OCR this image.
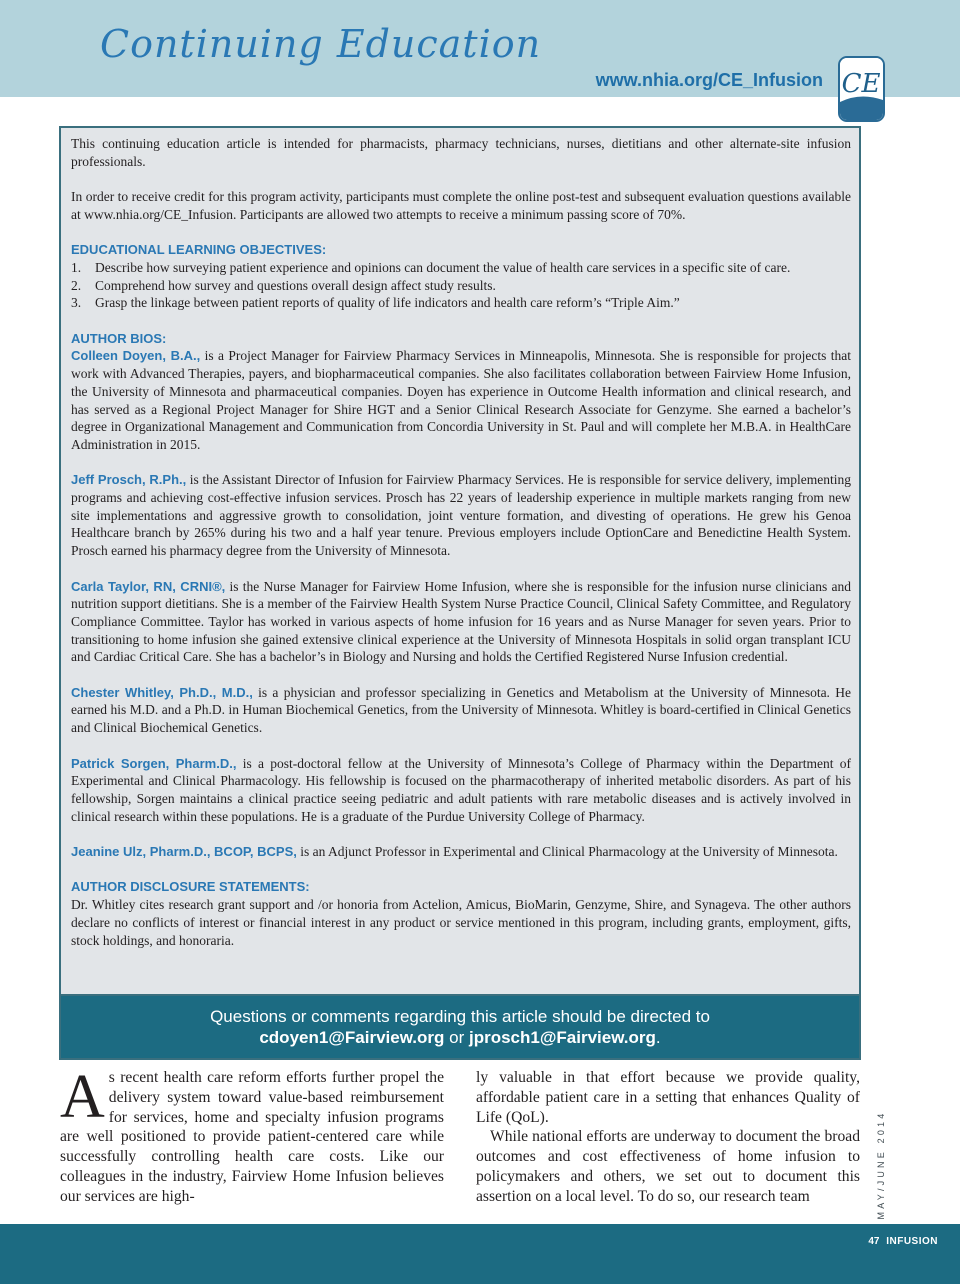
Continuing Education
www.nhia.org/CE_Infusion CE

This continuing education article is intended for pharmacists, pharmacy technicians, nurses, dietitians and other alternate-site infusion professionals.

In order to receive credit for this program activity, participants must complete the online post-test and subsequent evaluation questions available at www.nhia.org/CE_Infusion. Participants are allowed two attempts to receive a minimum passing score of 70%.

EDUCATIONAL LEARNING OBJECTIVES:
1. Describe how surveying patient experience and opinions can document the value of health care services in a specific site of care.
2. Comprehend how survey and questions overall design affect study results.
3. Grasp the linkage between patient reports of quality of life indicators and health care reform’s “Triple Aim.”
AUTHOR BIOS:

Colleen Doyen, B.A., is a Project Manager for Fairview Pharmacy Services in Minneapolis, Minnesota. She is responsible for projects that work with Advanced Therapies, payers, and biopharmaceutical companies. She also facilitates collaboration between Fairview Home Infusion, the University of Minnesota and pharmaceutical companies. Doyen has experience in Outcome Health information and clinical research, and has served as a Regional Project Manager for Shire HGT and a Senior Clinical Research Associate for Genzyme. She earned a bachelor’s degree in Organizational Management and Communication from Concordia University in St. Paul and will complete her M.B.A. in HealthCare Administration in 2015.

Jeff Prosch, R.Ph., is the Assistant Director of Infusion for Fairview Pharmacy Services. He is responsible for service delivery, implementing programs and achieving cost-effective infusion services. Prosch has 22 years of leadership experience in multiple markets ranging from new site implementations and aggressive growth to consolidation, joint venture formation, and divesting of operations. He grew his Genoa Healthcare branch by 265% during his two and a half year tenure. Previous employers include OptionCare and Benedictine Health System. Prosch earned his pharmacy degree from the University of Minnesota.

Carla Taylor, RN, CRNI®, is the Nurse Manager for Fairview Home Infusion, where she is responsible for the infusion nurse clinicians and nutrition support dietitians. She is a member of the Fairview Health System Nurse Practice Council, Clinical Safety Committee, and Regulatory Compliance Committee. Taylor has worked in various aspects of home infusion for 16 years and as Nurse Manager for seven years. Prior to transitioning to home infusion she gained extensive clinical experience at the University of Minnesota Hospitals in solid organ transplant ICU and Cardiac Critical Care. She has a bachelor’s in Biology and Nursing and holds the Certified Registered Nurse Infusion credential.

Chester Whitley, Ph.D., M.D., is a physician and professor specializing in Genetics and Metabolism at the University of Minnesota. He earned his M.D. and a Ph.D. in Human Biochemical Genetics, from the University of Minnesota. Whitley is board-certified in Clinical Genetics and Clinical Biochemical Genetics.

Patrick Sorgen, Pharm.D., is a post-doctoral fellow at the University of Minnesota’s College of Pharmacy within the Department of Experimental and Clinical Pharmacology. His fellowship is focused on the pharmacotherapy of inherited metabolic disorders. As part of his fellowship, Sorgen maintains a clinical practice seeing pediatric and adult patients with rare metabolic diseases and is actively involved in clinical research within these populations. He is a graduate of the Purdue University College of Pharmacy.

Jeanine Ulz, Pharm.D., BCOP, BCPS, is an Adjunct Professor in Experimental and Clinical Pharmacology at the University of Minnesota.

AUTHOR DISCLOSURE STATEMENTS:

Dr. Whitley cites research grant support and /or honoria from Actelion, Amicus, BioMarin, Genzyme, Shire, and Synageva. The other authors declare no conflicts of interest or financial interest in any product or service mentioned in this program, including grants, employment, gifts, stock holdings, and honoraria.

Questions or comments regarding this article should be directed to
cdoyen1@Fairview.org or jprosch1@Fairview.org.
As recent health care reform efforts further propel the delivery system toward value-based reimbursement for services, home and specialty infusion programs are well positioned to provide patient-centered care while successfully controlling health care costs. Like our colleagues in the industry, Fairview Home Infusion believes our services are high-

ly valuable in that effort because we provide quality, affordable patient care in a setting that enhances Quality of Life (QoL).

While national efforts are underway to document the broad outcomes and cost effectiveness of home infusion to policymakers and others, we set out to document this assertion on a local level. To do so, our research team	MAY/JUNE 2014
47 INFUSION
